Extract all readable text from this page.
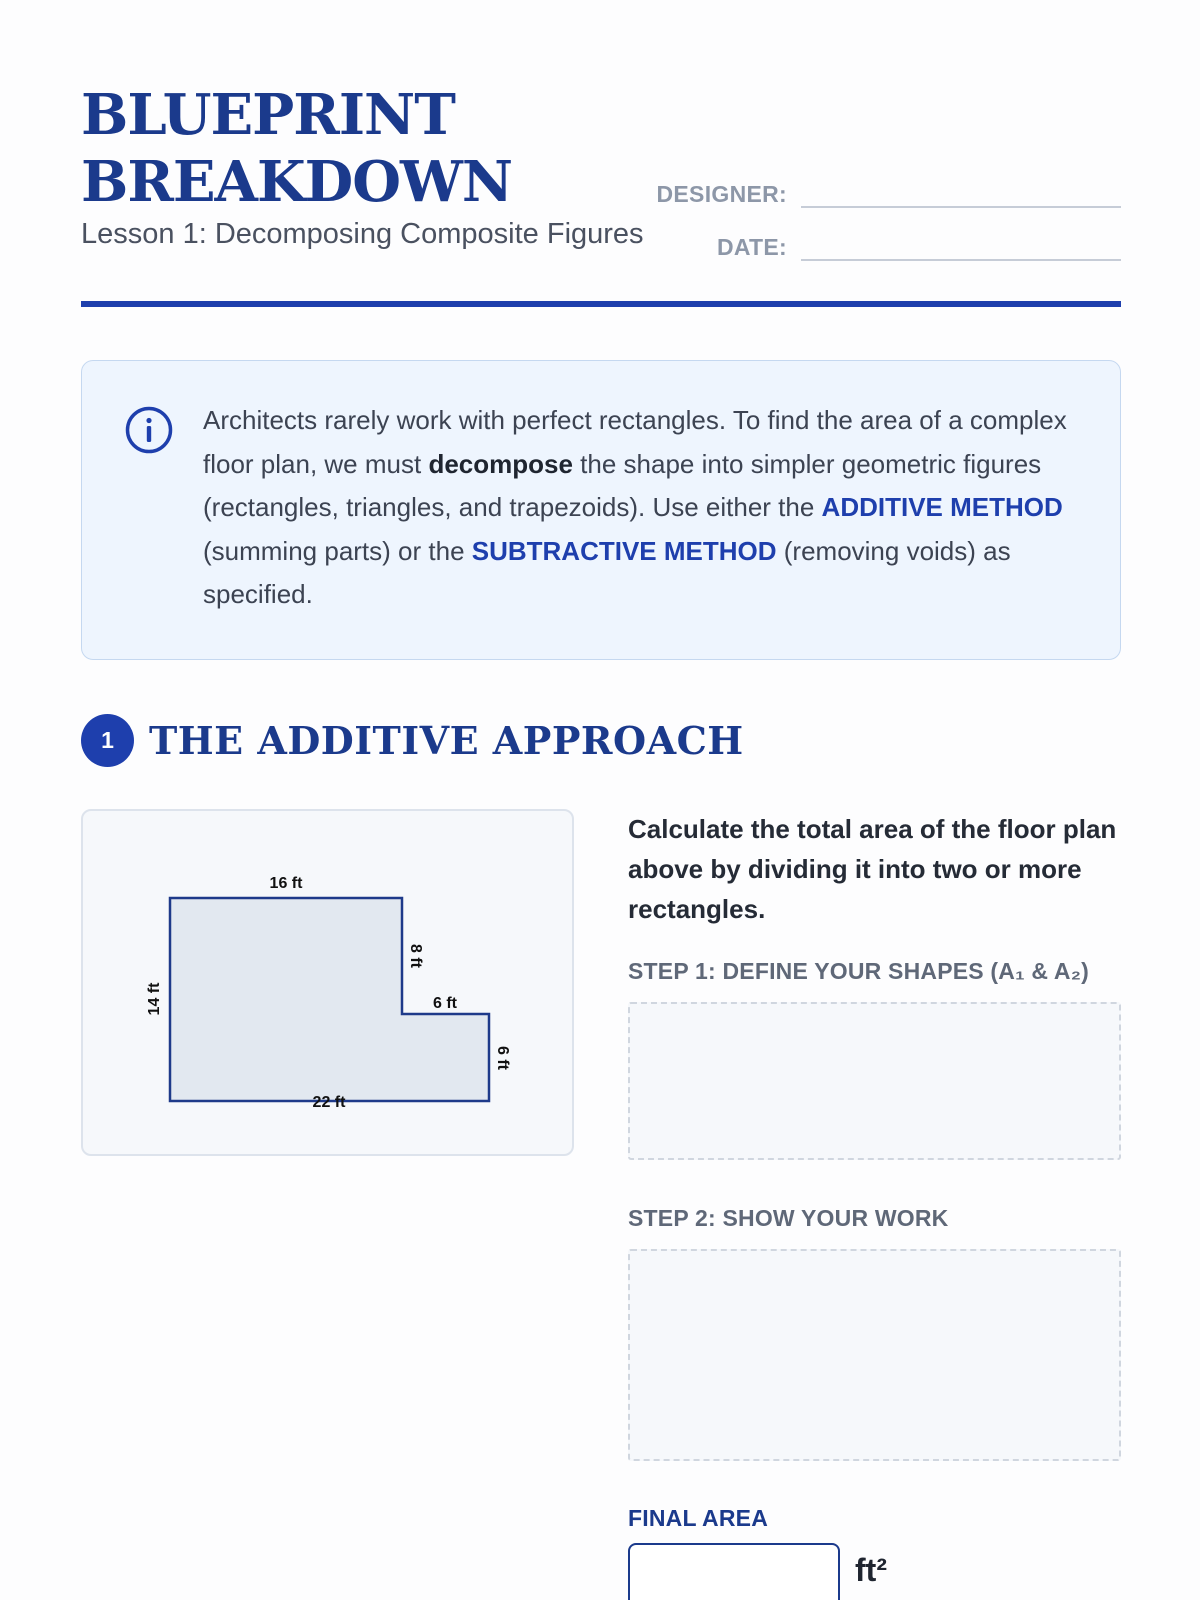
BLUEPRINT
BREAKDOWN
Lesson 1: Decomposing Composite Figures
DESIGNER:
DATE:
Architects rarely work with perfect rectangles. To find the area of a complex floor plan, we must decompose the shape into simpler geometric figures (rectangles, triangles, and trapezoids). Use either the ADDITIVE METHOD (summing parts) or the SUBTRACTIVE METHOD (removing voids) as specified.
1 THE ADDITIVE APPROACH
16 ft
14 ft
8 ft
6 ft
6 ft
22 ft
Calculate the total area of the floor plan above by dividing it into two or more rectangles.
STEP 1: DEFINE YOUR SHAPES (A₁ & A₂)
STEP 2: SHOW YOUR WORK
FINAL AREA
ft²
